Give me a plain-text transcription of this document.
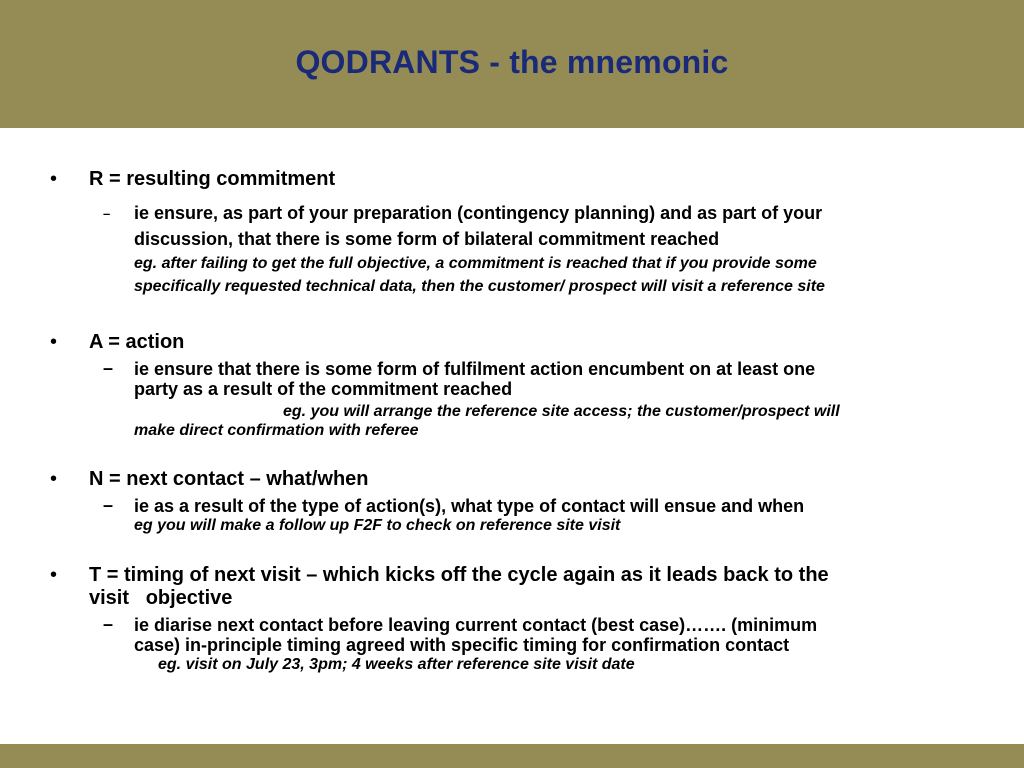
QODRANTS - the mnemonic
• R = resulting commitment
– ie ensure, as part of your preparation (contingency planning) and as part of your
discussion, that there is some form of bilateral commitment reached
eg. after failing to get the full objective, a commitment is reached that if you provide some
specifically requested technical data, then the customer/ prospect will visit a reference site
• A = action
– ie ensure that there is some form of fulfilment action encumbent on at least one
party as a result of the commitment reached
eg. you will arrange the reference site access; the customer/prospect will
make direct confirmation with referee
• N = next contact – what/when
– ie as a result of the type of action(s), what type of contact will ensue and when
eg you will make a follow up F2F to check on reference site visit
• T = timing of next visit – which kicks off the cycle again as it leads back to the
visit   objective
– ie diarise next contact before leaving current contact (best case)……. (minimum
case) in-principle timing agreed with specific timing for confirmation contact
eg. visit on July 23, 3pm; 4 weeks after reference site visit date
